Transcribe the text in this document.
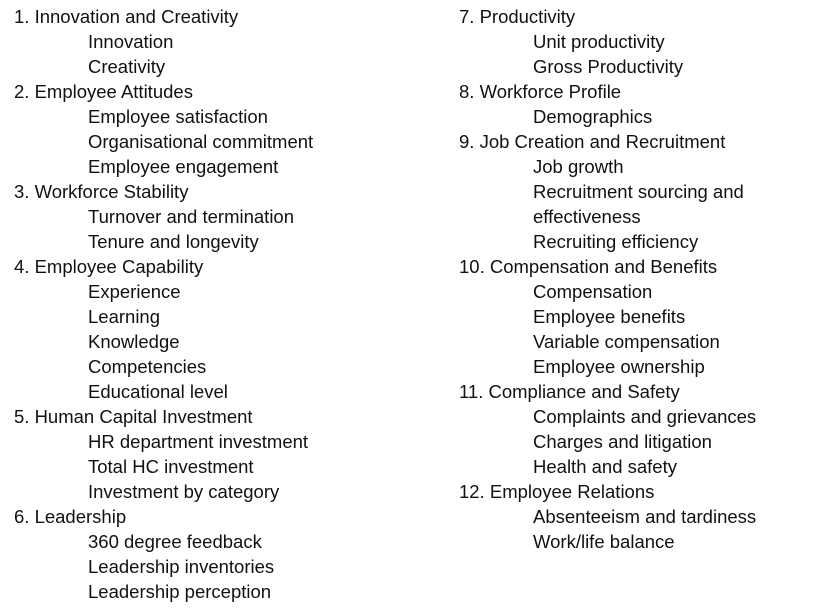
1. Innovation and Creativity
Innovation
Creativity
2. Employee Attitudes
Employee satisfaction
Organisational commitment
Employee engagement
3. Workforce Stability
Turnover and termination
Tenure and longevity
4. Employee Capability
Experience
Learning
Knowledge
Competencies
Educational level
5. Human Capital Investment
HR department investment
Total HC investment
Investment by category
6. Leadership
360 degree feedback
Leadership inventories
Leadership perception
7. Productivity
Unit productivity
Gross Productivity
8. Workforce Profile
Demographics
9. Job Creation and Recruitment
Job growth
Recruitment sourcing and
effectiveness
Recruiting efficiency
10. Compensation and Benefits
Compensation
Employee benefits
Variable compensation
Employee ownership
11. Compliance and Safety
Complaints and grievances
Charges and litigation
Health and safety
12. Employee Relations
Absenteeism and tardiness
Work/life balance
